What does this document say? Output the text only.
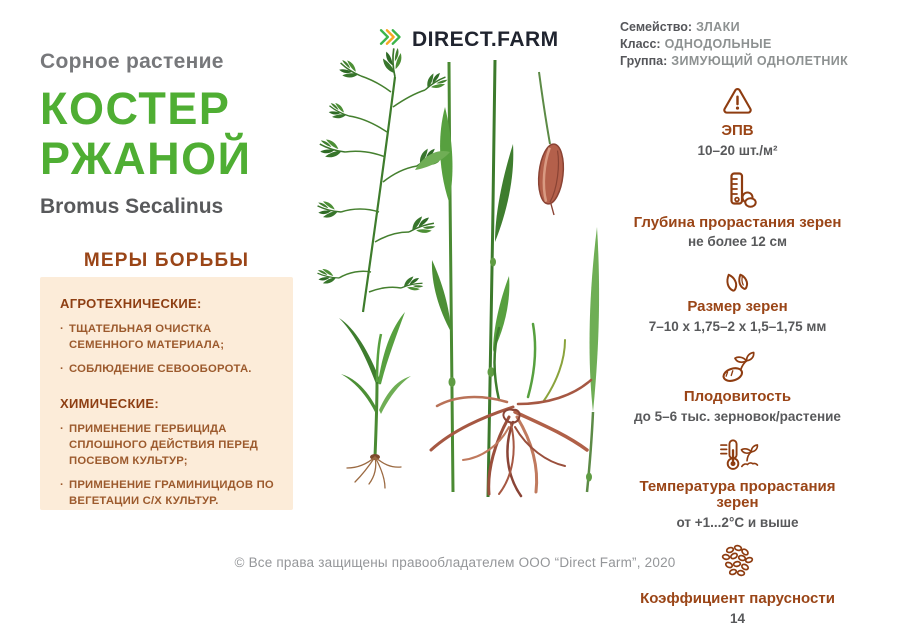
Сорное растение
КОСТЕР
РЖАНОЙ
Bromus Secalinus
DIRECT.FARM
Семейство: ЗЛАКИ
Класс: ОДНОДОЛЬНЫЕ
Группа: ЗИМУЮЩИЙ ОДНОЛЕТНИК
МЕРЫ БОРЬБЫ
АГРОТЕХНИЧЕСКИЕ:
· ТЩАТЕЛЬНАЯ ОЧИСТКА СЕМЕННОГО МАТЕРИАЛА;
· СОБЛЮДЕНИЕ СЕВООБОРОТА.
ХИМИЧЕСКИЕ:
· ПРИМЕНЕНИЕ ГЕРБИЦИДА СПЛОШНОГО ДЕЙСТВИЯ ПЕРЕД ПОСЕВОМ КУЛЬТУР;
· ПРИМЕНЕНИЕ ГРАМИНИЦИДОВ ПО ВЕГЕТАЦИИ С/Х КУЛЬТУР.
ЭПВ
10–20 шт./м²
Глубина прорастания зерен
не более 12 см
Размер зерен
7–10 x 1,75–2 x 1,5–1,75 мм
Плодовитость
до 5–6 тыс. зерновок/растение
Температура прорастания зерен
от +1...2°С и выше
Коэффициент парусности
14
© Все права защищены правообладателем ООО “Direct Farm”, 2020
